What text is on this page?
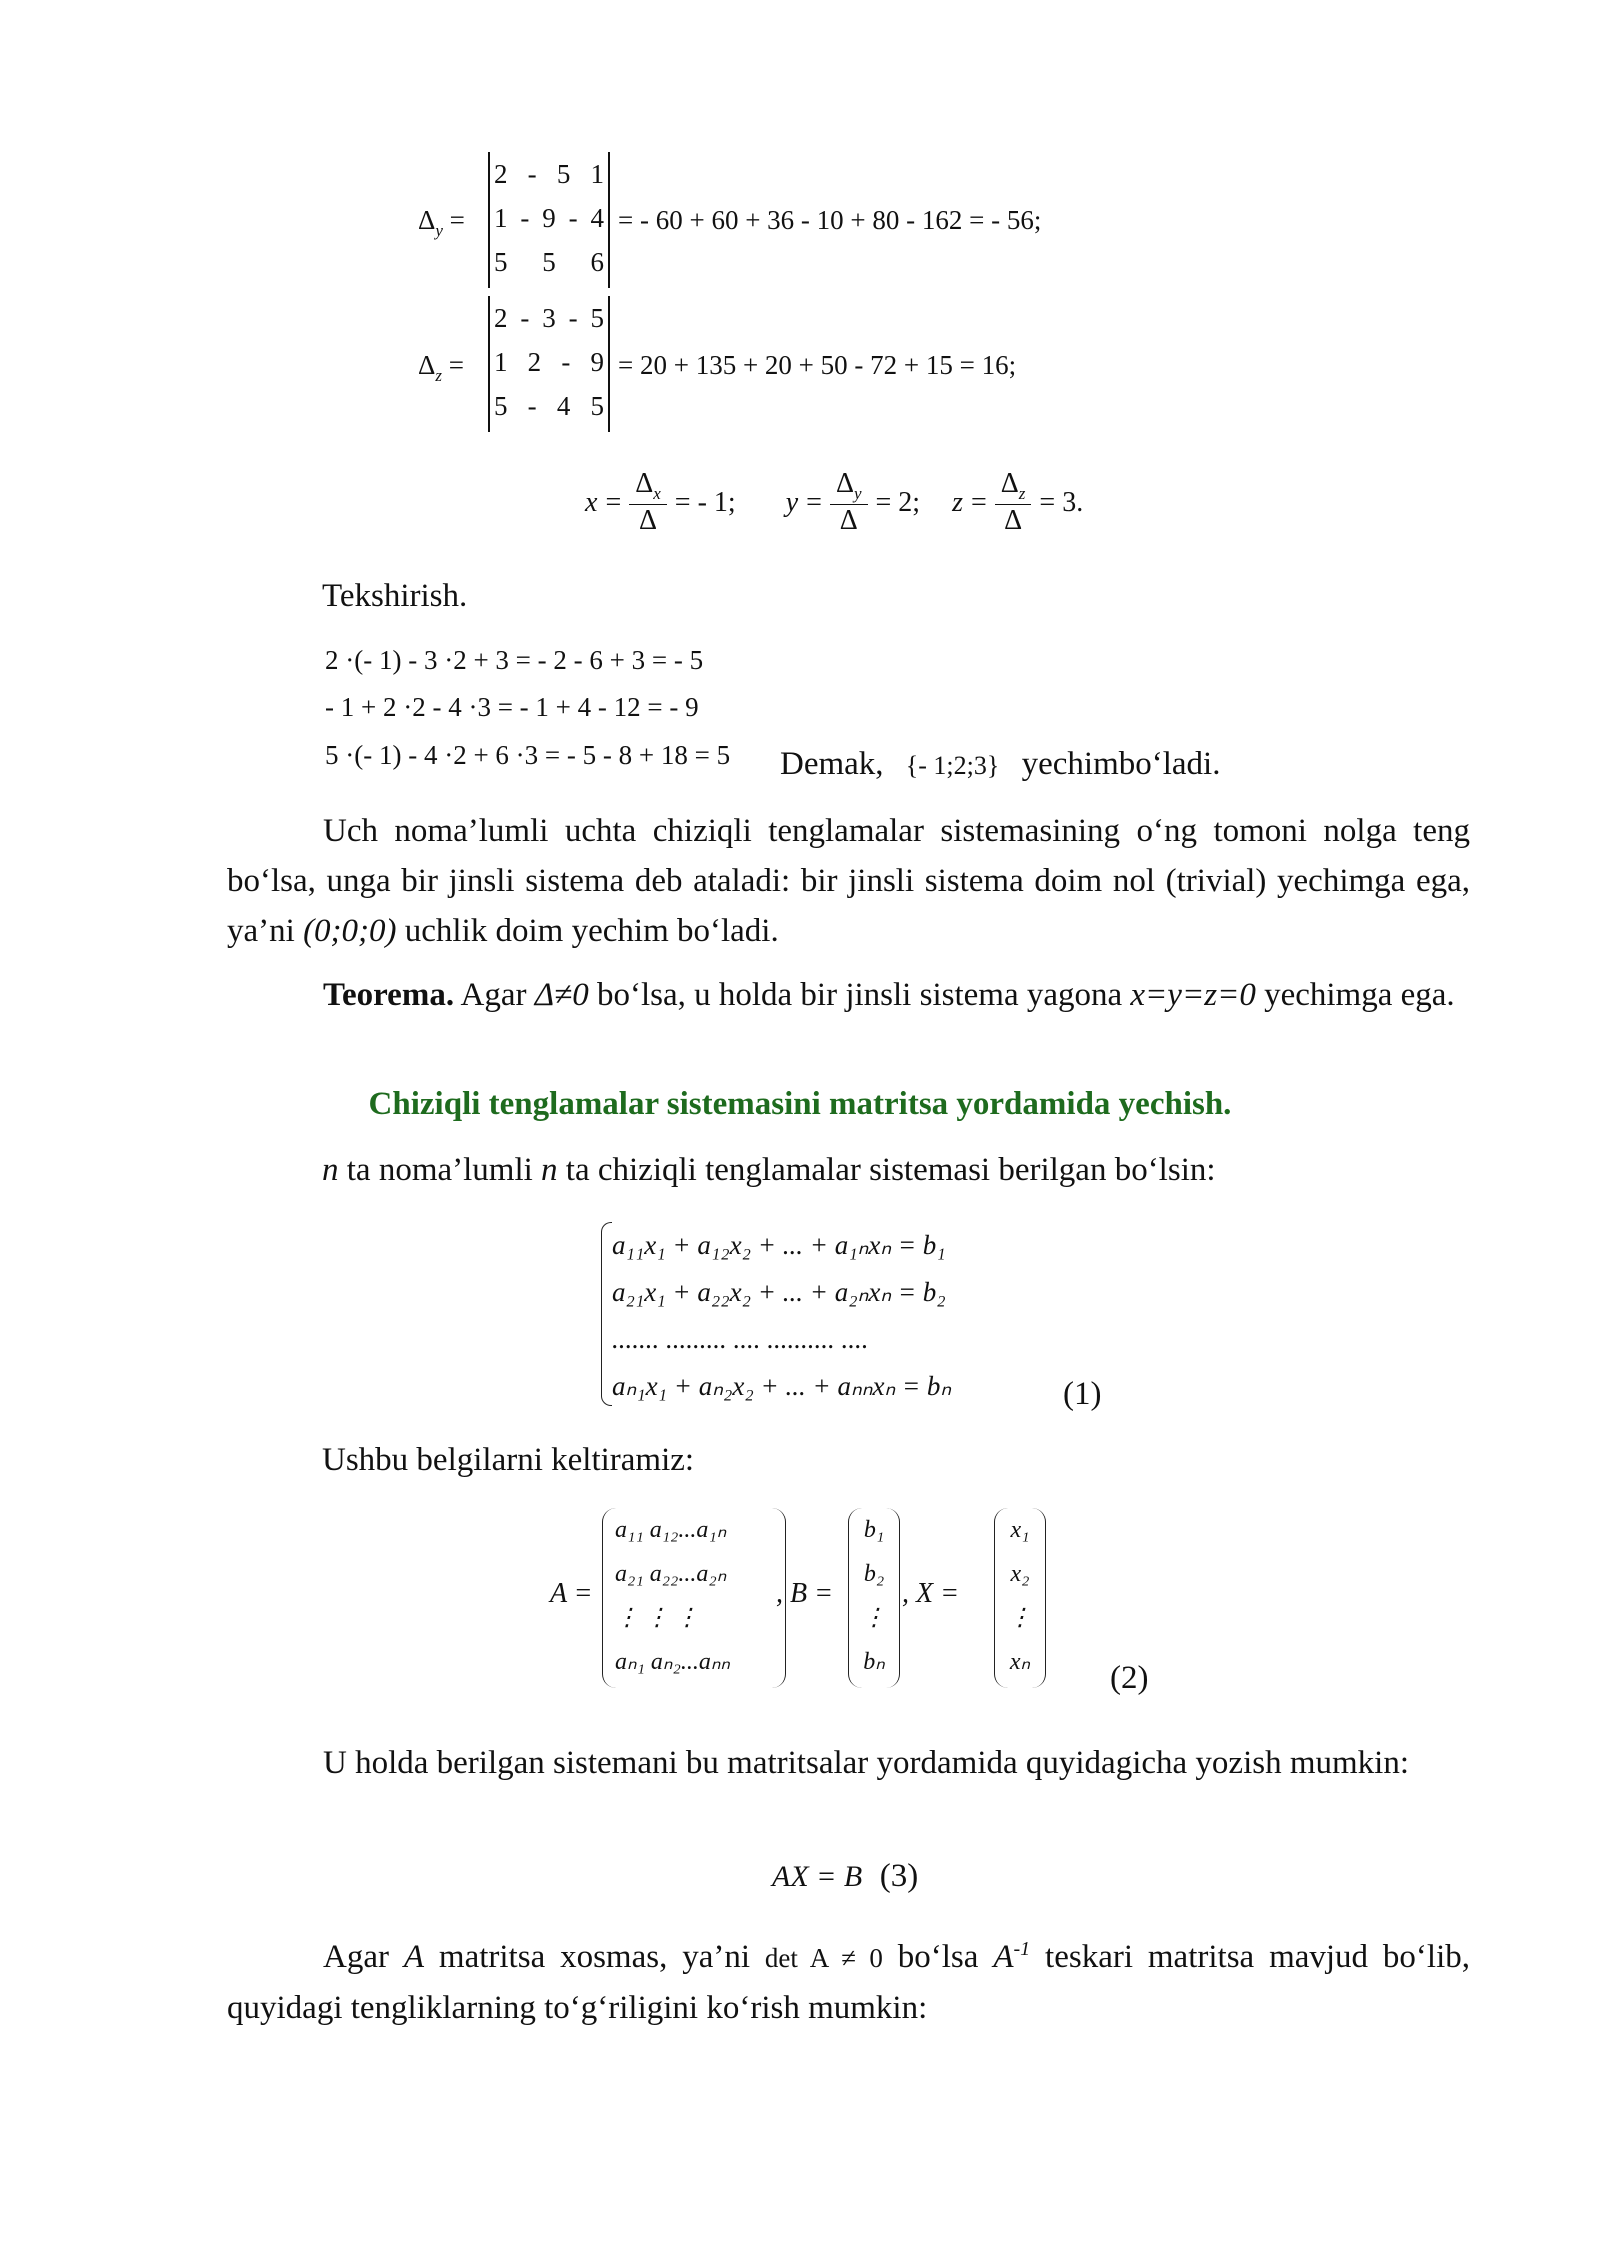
$\Delta_y$ =
2 - 5 1
1 - 9 - 4
5 5 6
= - 60 + 60 + 36 - 10 + 80 - 162 = - 56;
$\Delta_z$ =
2 - 3 - 5
1 2 - 9
5 - 4 5
= 20 + 135 + 20 + 50 - 72 + 15 = 16;
$x = \frac{\Delta_x}{\Delta}$ = - 1; $y = \frac{\Delta_y}{\Delta} = 2$; $z = \frac{\Delta_z}{\Delta} = 3$.
Tekshirish.
2 ·(- 1) - 3 ·2 + 3 = - 2 - 6 + 3 = - 5
- 1 + 2 ·2 - 4 ·3 = - 1 + 4 - 12 = - 9
5 ·(- 1) - 4 ·2 + 6 ·3 = - 5 - 8 + 18 = 5 Demak, {- 1;2;3} yechimbo‘ladi.
Uch noma’lumli uchta chiziqli tenglamalar sistemasining o‘ng tomoni nolga teng bo‘lsa, unga bir jinsli sistema deb ataladi: bir jinsli sistema doim nol (trivial) yechimga ega, ya’ni (0;0;0) uchlik doim yechim bo‘ladi.
Teorema. Agar Δ≠0 bo‘lsa, u holda bir jinsli sistema yagona x=y=z=0 yechimga ega.
Chiziqli tenglamalar sistemasini matritsa yordamida yechish.
n ta noma’lumli n ta chiziqli tenglamalar sistemasi berilgan bo‘lsin:
a₁₁x₁ + a₁₂x₂ + ... + a₁ₙxₙ = b₁
a₂₁x₁ + a₂₂x₂ + ... + a₂ₙxₙ = b₂
....... ......... .... .......... ....
aₙ₁x₁ + aₙ₂x₂ + ... + aₙₙxₙ = bₙ	(1)
Ushbu belgilarni keltiramiz:
A =
a₁₁ a₁₂...a₁ₙ
a₂₁ a₂₂...a₂ₙ
⋮ ⋮ ⋮
aₙ₁ aₙ₂...aₙₙ
, B =
b₁
b₂
⋮
bₙ
, X =
x₁
x₂
⋮
xₙ	(2)
U holda berilgan sistemani bu matritsalar yordamida quyidagicha yozish mumkin:
AX = B (3)
Agar A matritsa xosmas, ya’ni det A ≠ 0 bo‘lsa $A^{-1}$ teskari matritsa mavjud bo‘lib, quyidagi tengliklarning to‘g‘riligini ko‘rish mumkin:
